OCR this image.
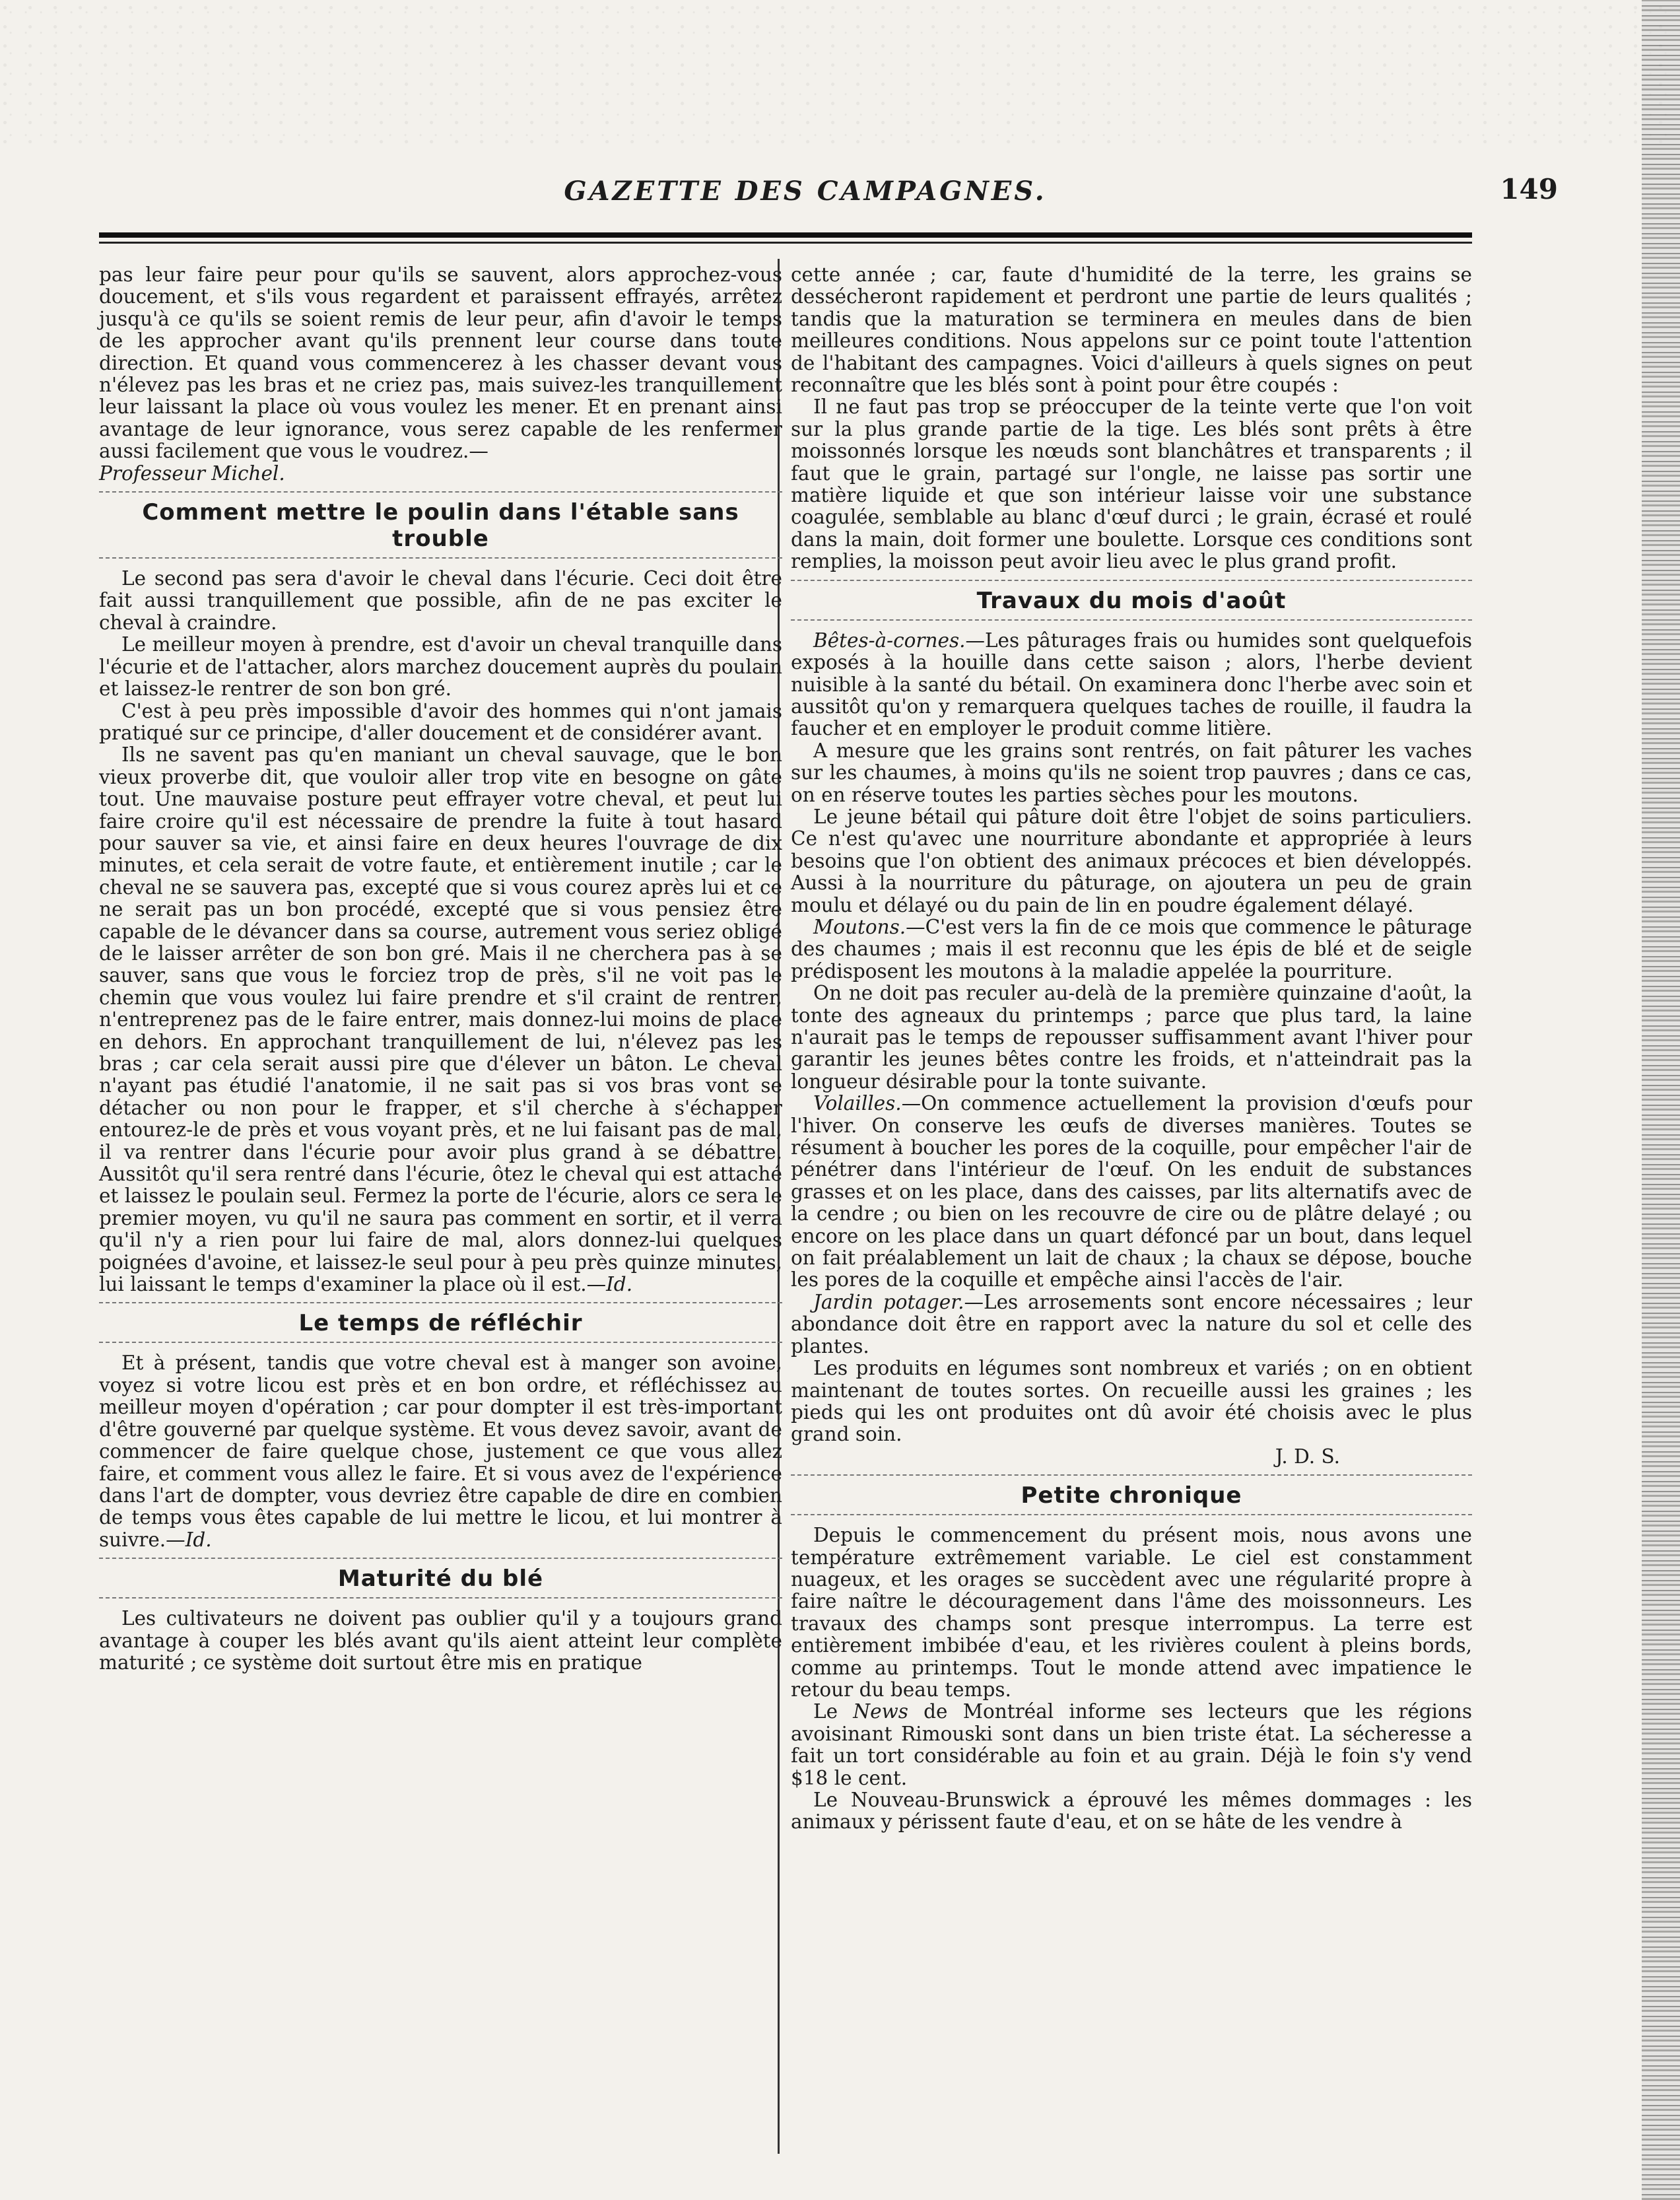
GAZETTE DES CAMPAGNES.	149

pas leur faire peur pour qu'ils se sauvent, alors approchez-vous doucement, et s'ils vous regardent et paraissent effrayés, arrêtez jusqu'à ce qu'ils se soient remis de leur peur, afin d'avoir le temps de les approcher avant qu'ils prennent leur course dans toute direction. Et quand vous commencerez à les chasser devant vous n'élevez pas les bras et ne criez pas, mais suivez-les tranquillement leur laissant la place où vous voulez les mener. Et en prenant ainsi avantage de leur ignorance, vous serez capable de les renfermer aussi facilement que vous le voudrez.—

Professeur Michel.

Comment mettre le poulin dans l'étable sans trouble

Le second pas sera d'avoir le cheval dans l'écurie. Ceci doit être fait aussi tranquillement que possible, afin de ne pas exciter le cheval à craindre.

Le meilleur moyen à prendre, est d'avoir un cheval tranquille dans l'écurie et de l'attacher, alors marchez doucement auprès du poulain et laissez-le rentrer de son bon gré.

C'est à peu près impossible d'avoir des hommes qui n'ont jamais pratiqué sur ce principe, d'aller doucement et de considérer avant.

Ils ne savent pas qu'en maniant un cheval sauvage, que le bon vieux proverbe dit, que vouloir aller trop vite en besogne on gâte tout. Une mauvaise posture peut effrayer votre cheval, et peut lui faire croire qu'il est nécessaire de prendre la fuite à tout hasard pour sauver sa vie, et ainsi faire en deux heures l'ouvrage de dix minutes, et cela serait de votre faute, et entièrement inutile ; car le cheval ne se sauvera pas, excepté que si vous courez après lui et ce ne serait pas un bon procédé, excepté que si vous pensiez être capable de le dévancer dans sa course, autrement vous seriez obligé de le laisser arrêter de son bon gré. Mais il ne cherchera pas à se sauver, sans que vous le forciez trop de près, s'il ne voit pas le chemin que vous voulez lui faire prendre et s'il craint de rentrer, n'entreprenez pas de le faire entrer, mais donnez-lui moins de place en dehors. En approchant tranquillement de lui, n'élevez pas les bras ; car cela serait aussi pire que d'élever un bâton. Le cheval n'ayant pas étudié l'anatomie, il ne sait pas si vos bras vont se détacher ou non pour le frapper, et s'il cherche à s'échapper entourez-le de près et vous voyant près, et ne lui faisant pas de mal, il va rentrer dans l'écurie pour avoir plus grand à se débattre. Aussitôt qu'il sera rentré dans l'écurie, ôtez le cheval qui est attaché et laissez le poulain seul. Fermez la porte de l'écurie, alors ce sera le premier moyen, vu qu'il ne saura pas comment en sortir, et il verra qu'il n'y a rien pour lui faire de mal, alors donnez-lui quelques poignées d'avoine, et laissez-le seul pour à peu près quinze minutes, lui laissant le temps d'examiner la place où il est.—Id.

Le temps de réfléchir

Et à présent, tandis que votre cheval est à manger son avoine, voyez si votre licou est près et en bon ordre, et réfléchissez au meilleur moyen d'opération ; car pour dompter il est très-important d'être gouverné par quelque système. Et vous devez savoir, avant de commencer de faire quelque chose, justement ce que vous allez faire, et comment vous allez le faire. Et si vous avez de l'expérience dans l'art de dompter, vous devriez être capable de dire en combien de temps vous êtes capable de lui mettre le licou, et lui montrer à suivre.—Id.

Maturité du blé

Les cultivateurs ne doivent pas oublier qu'il y a toujours grand avantage à couper les blés avant qu'ils aient atteint leur complète maturité ; ce système doit surtout être mis en pratique

cette année ; car, faute d'humidité de la terre, les grains se dessécheront rapidement et perdront une partie de leurs qualités ; tandis que la maturation se terminera en meules dans de bien meilleures conditions. Nous appelons sur ce point toute l'attention de l'habitant des campagnes. Voici d'ailleurs à quels signes on peut reconnaître que les blés sont à point pour être coupés :

Il ne faut pas trop se préoccuper de la teinte verte que l'on voit sur la plus grande partie de la tige. Les blés sont prêts à être moissonnés lorsque les nœuds sont blanchâtres et transparents ; il faut que le grain, partagé sur l'ongle, ne laisse pas sortir une matière liquide et que son intérieur laisse voir une substance coagulée, semblable au blanc d'œuf durci ; le grain, écrasé et roulé dans la main, doit former une boulette. Lorsque ces conditions sont remplies, la moisson peut avoir lieu avec le plus grand profit.

Travaux du mois d'août

Bêtes-à-cornes.—Les pâturages frais ou humides sont quelquefois exposés à la houille dans cette saison ; alors, l'herbe devient nuisible à la santé du bétail. On examinera donc l'herbe avec soin et aussitôt qu'on y remarquera quelques taches de rouille, il faudra la faucher et en employer le produit comme litière.

A mesure que les grains sont rentrés, on fait pâturer les vaches sur les chaumes, à moins qu'ils ne soient trop pauvres ; dans ce cas, on en réserve toutes les parties sèches pour les moutons.

Le jeune bétail qui pâture doit être l'objet de soins particuliers. Ce n'est qu'avec une nourriture abondante et appropriée à leurs besoins que l'on obtient des animaux précoces et bien développés. Aussi à la nourriture du pâturage, on ajoutera un peu de grain moulu et délayé ou du pain de lin en poudre également délayé.

Moutons.—C'est vers la fin de ce mois que commence le pâturage des chaumes ; mais il est reconnu que les épis de blé et de seigle prédisposent les moutons à la maladie appelée la pourriture.

On ne doit pas reculer au-delà de la première quinzaine d'août, la tonte des agneaux du printemps ; parce que plus tard, la laine n'aurait pas le temps de repousser suffisamment avant l'hiver pour garantir les jeunes bêtes contre les froids, et n'atteindrait pas la longueur désirable pour la tonte suivante.

Volailles.—On commence actuellement la provision d'œufs pour l'hiver. On conserve les œufs de diverses manières. Toutes se résument à boucher les pores de la coquille, pour empêcher l'air de pénétrer dans l'intérieur de l'œuf. On les enduit de substances grasses et on les place, dans des caisses, par lits alternatifs avec de la cendre ; ou bien on les recouvre de cire ou de plâtre delayé ; ou encore on les place dans un quart défoncé par un bout, dans lequel on fait préalablement un lait de chaux ; la chaux se dépose, bouche les pores de la coquille et empêche ainsi l'accès de l'air.

Jardin potager.—Les arrosements sont encore nécessaires ; leur abondance doit être en rapport avec la nature du sol et celle des plantes.

Les produits en légumes sont nombreux et variés ; on en obtient maintenant de toutes sortes. On recueille aussi les graines ; les pieds qui les ont produites ont dû avoir été choisis avec le plus grand soin.

J. D. S.

Petite chronique

Depuis le commencement du présent mois, nous avons une température extrêmement variable. Le ciel est constamment nuageux, et les orages se succèdent avec une régularité propre à faire naître le découragement dans l'âme des moissonneurs. Les travaux des champs sont presque interrompus. La terre est entièrement imbibée d'eau, et les rivières coulent à pleins bords, comme au printemps. Tout le monde attend avec impatience le retour du beau temps.

Le News de Montréal informe ses lecteurs que les régions avoisinant Rimouski sont dans un bien triste état. La sécheresse a fait un tort considérable au foin et au grain. Déjà le foin s'y vend $18 le cent.

Le Nouveau-Brunswick a éprouvé les mêmes dommages : les animaux y périssent faute d'eau, et on se hâte de les vendre à
